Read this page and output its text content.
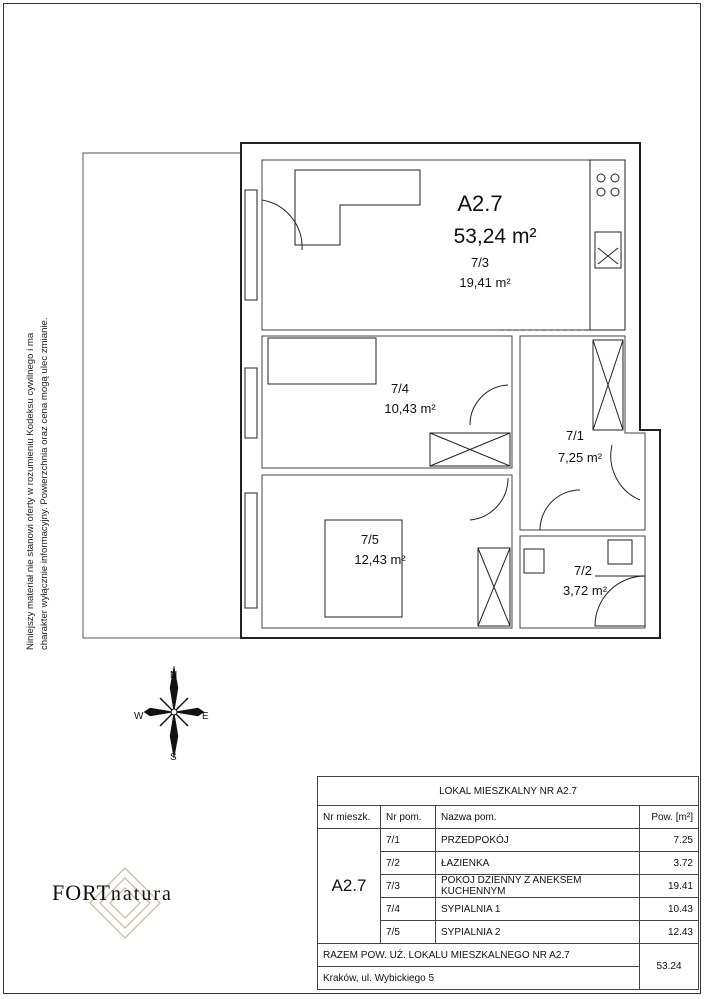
Niniejszy materiał nie stanowi oferty w rozumieniu Kodeksu cywilnego i ma charakter wyłącznie informacyjny. Powierzchnia oraz cena mogą ulec zmianie.
A2.7
53,24 m²
7/3
19,41 m²
7/4
10,43 m²
7/1
7,25 m²
7/5
12,43 m²
7/2
3,72 m²
N
S
E
W
FORTnatura
LOKAL MIESZKALNY NR A2.7			
Nr mieszk.	Nr pom.	Nazwa pom.	Pow. [m²]
A2.7	7/1	PRZEDPOKÓJ	7.25
	7/2	ŁAZIENKA	3.72
	7/3	POKÓJ DZIENNY Z ANEKSEM KUCHENNYM	19.41
	7/4	SYPIALNIA 1	10.43
	7/5	SYPIALNIA 2	12.43
RAZEM POW. UŻ. LOKALU MIESZKALNEGO NR A2.7			53.24
Kraków, ul. Wybickiego 5			
